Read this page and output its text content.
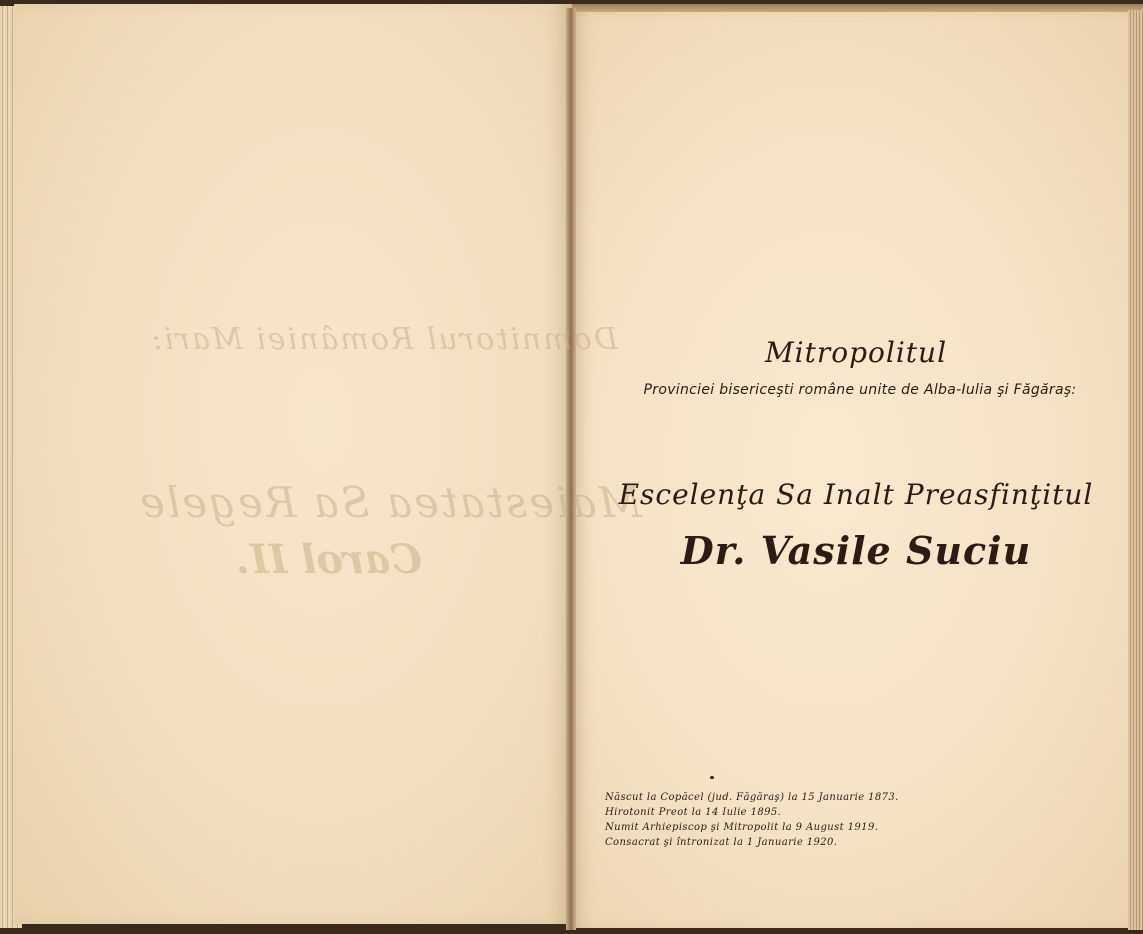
Domnitorul României Mari:
Maiestatea Sa Regele
Carol II.
Mitropolitul
Provinciei bisericeşti române unite de Alba-Iulia şi Făgăraş:
Escelenţa Sa Inalt Preasfinţitul
Dr. Vasile Suciu
Născut la Copăcel (jud. Făgăraş) la 15 Januarie 1873.
Hirotonit Preot la 14 Iulie 1895.
Numit Arhiepiscop şi Mitropolit la 9 August 1919.
Consacrat şi întronizat la 1 Januarie 1920.
